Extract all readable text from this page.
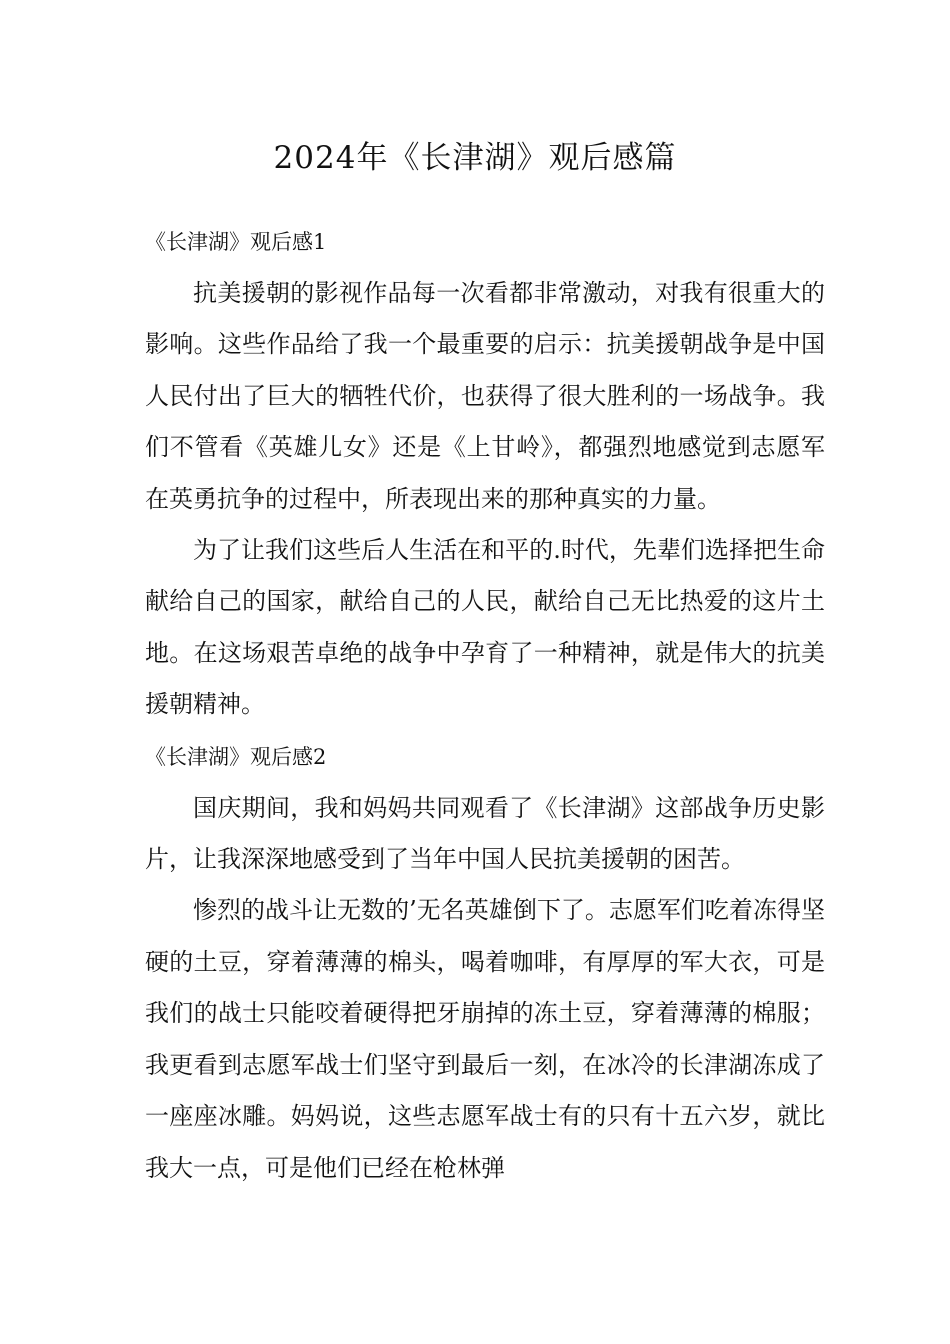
2024年《长津湖》观后感篇
《长津湖》观后感1

抗美援朝的影视作品每一次看都非常激动，对我有很重大的影响。这些作品给了我一个最重要的启示：抗美援朝战争是中国人民付出了巨大的牺牲代价，也获得了很大胜利的一场战争。我们不管看《英雄儿女》还是《上甘岭》，都强烈地感觉到志愿军在英勇抗争的过程中，所表现出来的那种真实的力量。

为了让我们这些后人生活在和平的.时代，先辈们选择把生命献给自己的国家，献给自己的人民，献给自己无比热爱的这片土地。在这场艰苦卓绝的战争中孕育了一种精神，就是伟大的抗美援朝精神。

《长津湖》观后感2

国庆期间，我和妈妈共同观看了《长津湖》这部战争历史影片，让我深深地感受到了当年中国人民抗美援朝的困苦。

惨烈的战斗让无数的’无名英雄倒下了。志愿军们吃着冻得坚硬的土豆，穿着薄薄的棉头，喝着咖啡，有厚厚的军大衣，可是我们的战士只能咬着硬得把牙崩掉的冻土豆，穿着薄薄的棉服；我更看到志愿军战士们坚守到最后一刻，在冰冷的长津湖冻成了一座座冰雕。妈妈说，这些志愿军战士有的只有十五六岁，就比我大一点，可是他们已经在枪林弹
